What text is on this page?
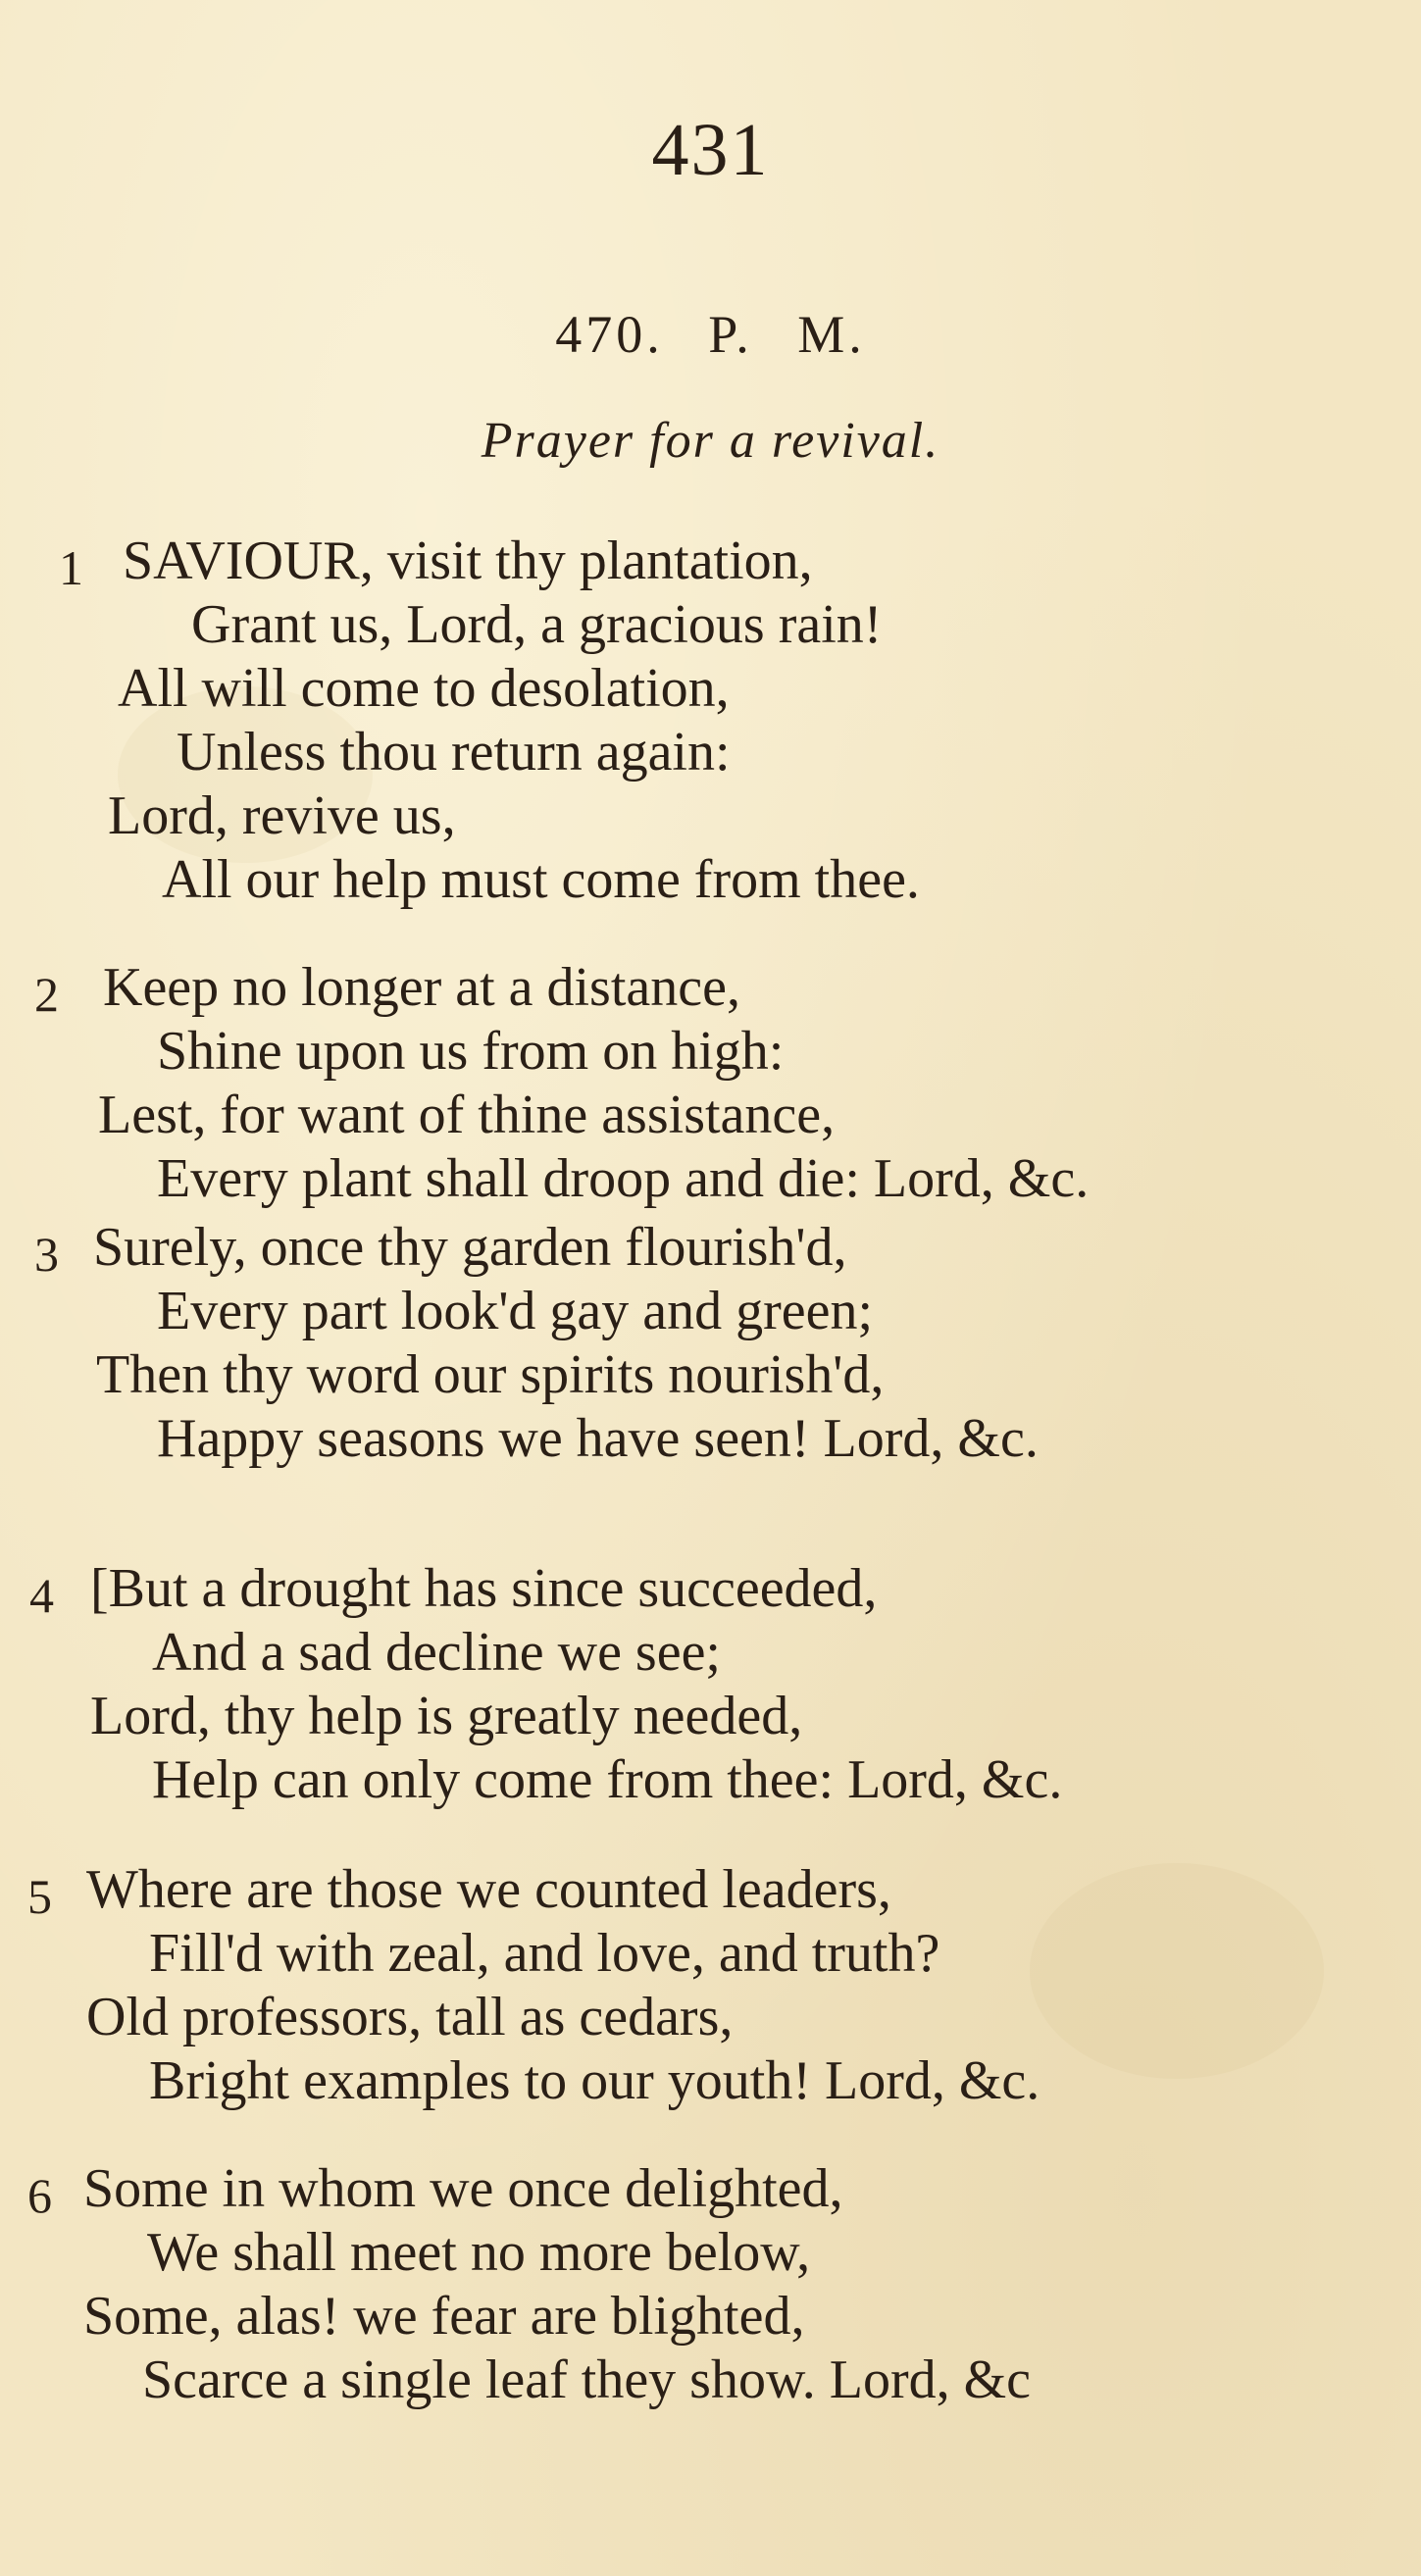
431
470. P. M.
Prayer for a revival.
1 SAVIOUR, visit thy plantation,
Grant us, Lord, a gracious rain!
All will come to desolation,
Unless thou return again:
Lord, revive us,
All our help must come from thee.
2 Keep no longer at a distance,
Shine upon us from on high:
Lest, for want of thine assistance,
Every plant shall droop and die: Lord, &c.
3 Surely, once thy garden flourish'd,
Every part look'd gay and green;
Then thy word our spirits nourish'd,
Happy seasons we have seen! Lord, &c.
4 [But a drought has since succeeded,
And a sad decline we see;
Lord, thy help is greatly needed,
Help can only come from thee: Lord, &c.
5 Where are those we counted leaders,
Fill'd with zeal, and love, and truth?
Old professors, tall as cedars,
Bright examples to our youth! Lord, &c.
6 Some in whom we once delighted,
We shall meet no more below,
Some, alas! we fear are blighted,
Scarce a single leaf they show. Lord, &c
